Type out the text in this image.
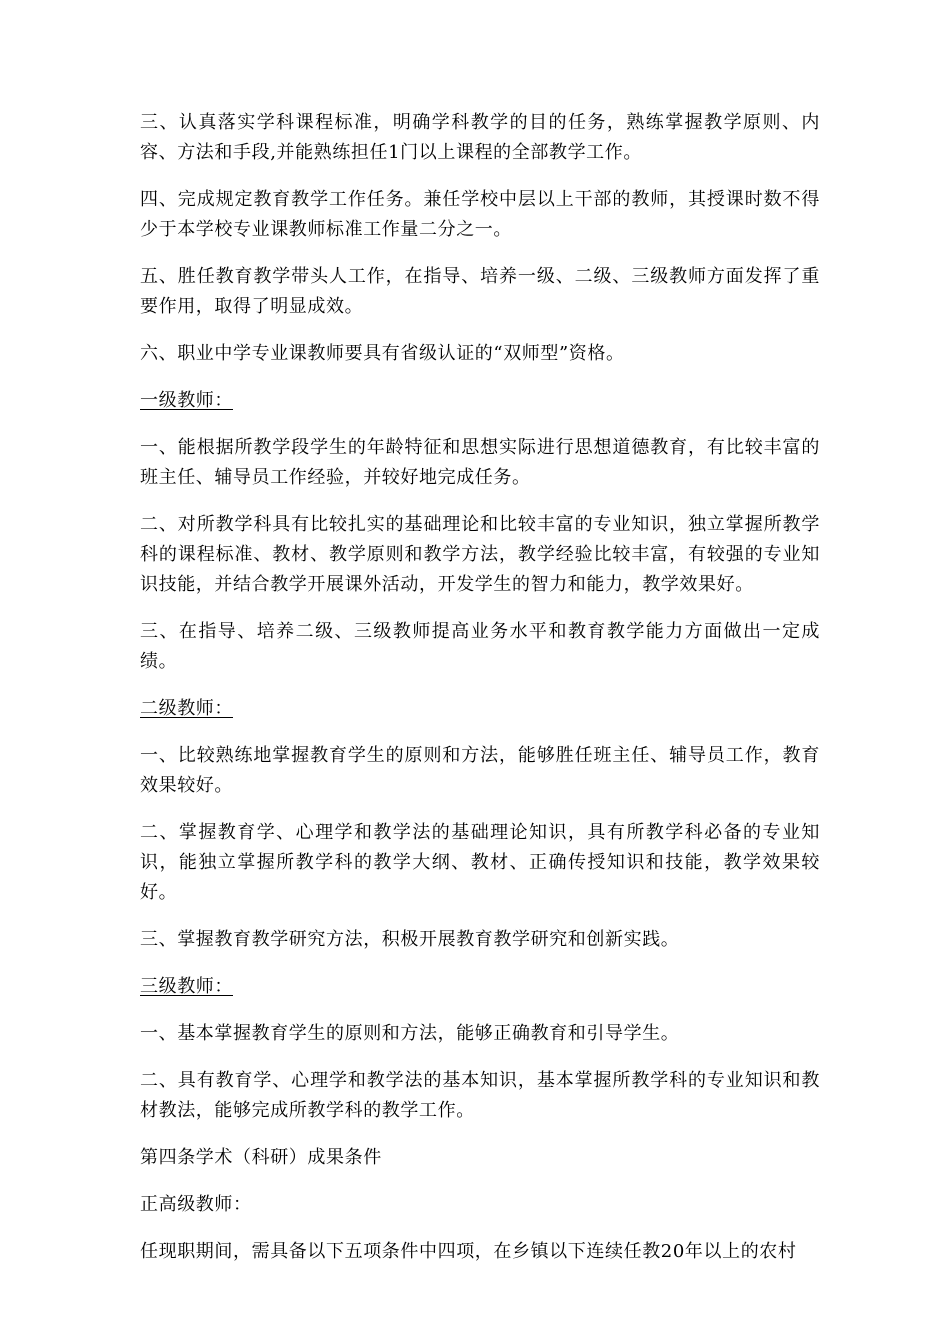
三、认真落实学科课程标准，明确学科教学的目的任务，熟练掌握教学原则、内容、方法和手段,并能熟练担任1门以上课程的全部教学工作。

四、完成规定教育教学工作任务。兼任学校中层以上干部的教师，其授课时数不得少于本学校专业课教师标准工作量二分之一。

五、胜任教育教学带头人工作，在指导、培养一级、二级、三级教师方面发挥了重要作用，取得了明显成效。

六、职业中学专业课教师要具有省级认证的“双师型”资格。

一级教师：

一、能根据所教学段学生的年龄特征和思想实际进行思想道德教育，有比较丰富的班主任、辅导员工作经验，并较好地完成任务。

二、对所教学科具有比较扎实的基础理论和比较丰富的专业知识，独立掌握所教学科的课程标准、教材、教学原则和教学方法，教学经验比较丰富，有较强的专业知识技能，并结合教学开展课外活动，开发学生的智力和能力，教学效果好。

三、在指导、培养二级、三级教师提高业务水平和教育教学能力方面做出一定成绩。

二级教师：

一、比较熟练地掌握教育学生的原则和方法，能够胜任班主任、辅导员工作，教育效果较好。

二、掌握教育学、心理学和教学法的基础理论知识，具有所教学科必备的专业知识，能独立掌握所教学科的教学大纲、教材、正确传授知识和技能，教学效果较好。

三、掌握教育教学研究方法，积极开展教育教学研究和创新实践。

三级教师：

一、基本掌握教育学生的原则和方法，能够正确教育和引导学生。

二、具有教育学、心理学和教学法的基本知识，基本掌握所教学科的专业知识和教材教法，能够完成所教学科的教学工作。

第四条学术（科研）成果条件

正高级教师：

任现职期间，需具备以下五项条件中四项，在乡镇以下连续任教20年以上的农村
